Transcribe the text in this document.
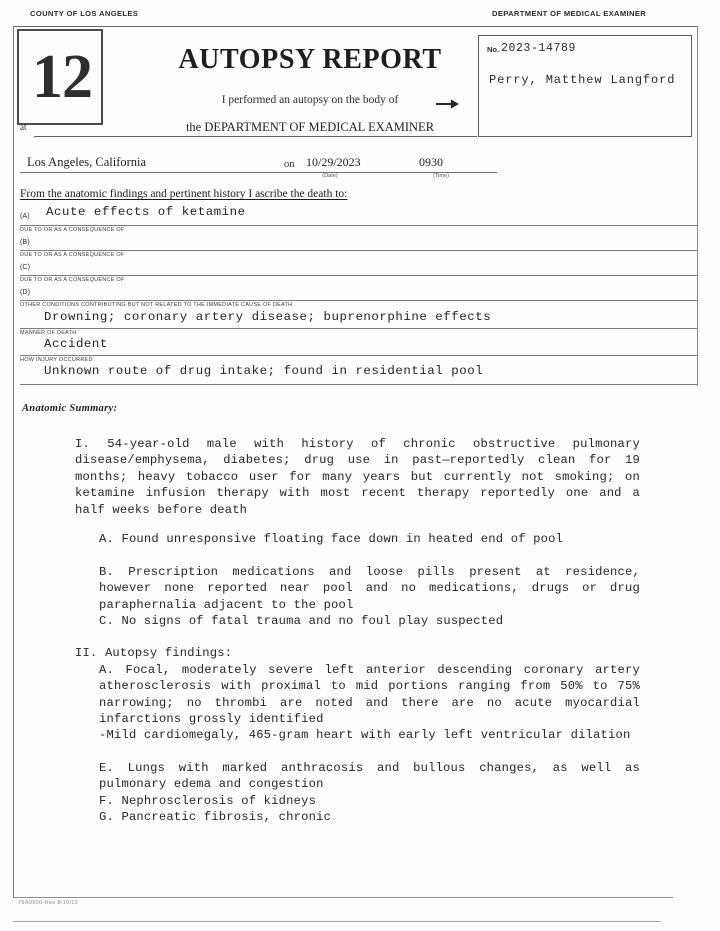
COUNTY OF LOS ANGELES	DEPARTMENT OF MEDICAL EXAMINER
12	AUTOPSY REPORT
I performed an autopsy on the body of
the DEPARTMENT OF MEDICAL EXAMINER
No. 2023-14789
Perry, Matthew Langford
at
Los Angeles, California	on 10/29/2023	0930
(Date)	(Time)
From the anatomic findings and pertinent history I ascribe the death to:
(A) Acute effects of ketamine
DUE TO OR AS A CONSEQUENCE OF
(B)
DUE TO OR AS A CONSEQUENCE OF
(C)
DUE TO OR AS A CONSEQUENCE OF
(D)
OTHER CONDITIONS CONTRIBUTING BUT NOT RELATED TO THE IMMEDIATE CAUSE OF DEATH
Drowning; coronary artery disease; buprenorphine effects
MANNER OF DEATH
Accident
HOW INJURY OCCURRED
Unknown route of drug intake; found in residential pool
Anatomic Summary:
I. 54-year-old male with history of chronic obstructive pulmonary disease/emphysema, diabetes; drug use in past—reportedly clean for 19 months; heavy tobacco user for many years but currently not smoking; on ketamine infusion therapy with most recent therapy reportedly one and a half weeks before death
A. Found unresponsive floating face down in heated end of pool
B. Prescription medications and loose pills present at residence, however none reported near pool and no medications, drugs or drug paraphernalia adjacent to the pool
C. No signs of fatal trauma and no foul play suspected
II. Autopsy findings:
A. Focal, moderately severe left anterior descending coronary artery atherosclerosis with proximal to mid portions ranging from 50% to 75% narrowing; no thrombi are noted and there are no acute myocardial infarctions grossly identified
-Mild cardiomegaly, 465-gram heart with early left ventricular dilation
E. Lungs with marked anthracosis and bullous changes, as well as pulmonary edema and congestion
F. Nephrosclerosis of kidneys
G. Pancreatic fibrosis, chronic
76A9900-Rev 8/16/15
